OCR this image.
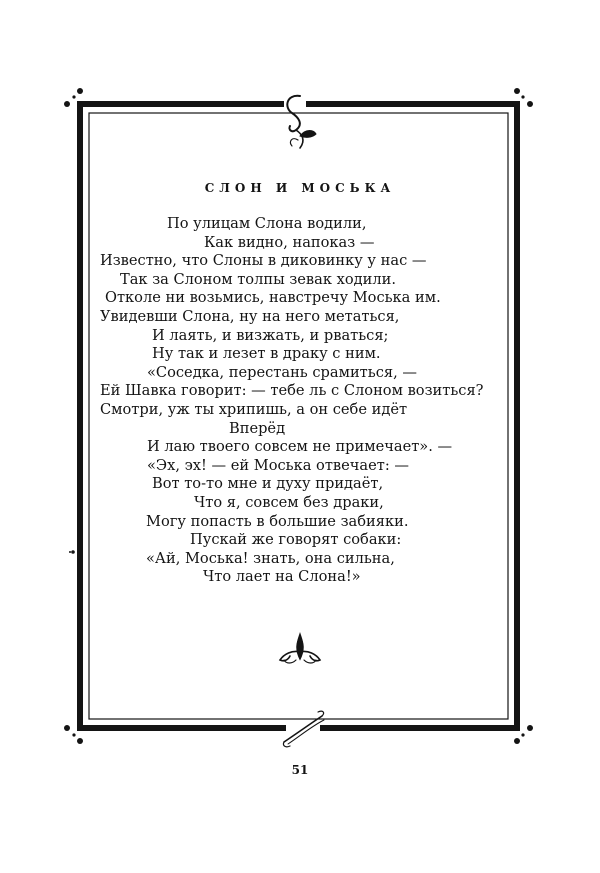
СЛОН И МОСЬКА
По улицам Слона водили,
Как видно, напоказ —
Известно, что Слоны в диковинку у нас —
Так за Слоном толпы зевак ходили.
Отколе ни возьмись, навстречу Моська им.
Увидевши Слона, ну на него метаться,
И лаять, и визжать, и рваться;
Ну так и лезет в драку с ним.
«Соседка, перестань срамиться, —
Ей Шавка говорит: — тебе ль с Слоном возиться?
Смотри, уж ты хрипишь, а он себе идёт
Вперёд
И лаю твоего совсем не примечает». —
«Эх, эх! — ей Моська отвечает: —
Вот то-то мне и духу придаёт,
Что я, совсем без драки,
Могу попасть в большие забияки.
Пускай же говорят собаки:
«Ай, Моська! знать, она сильна,
Что лает на Слона!»
51
